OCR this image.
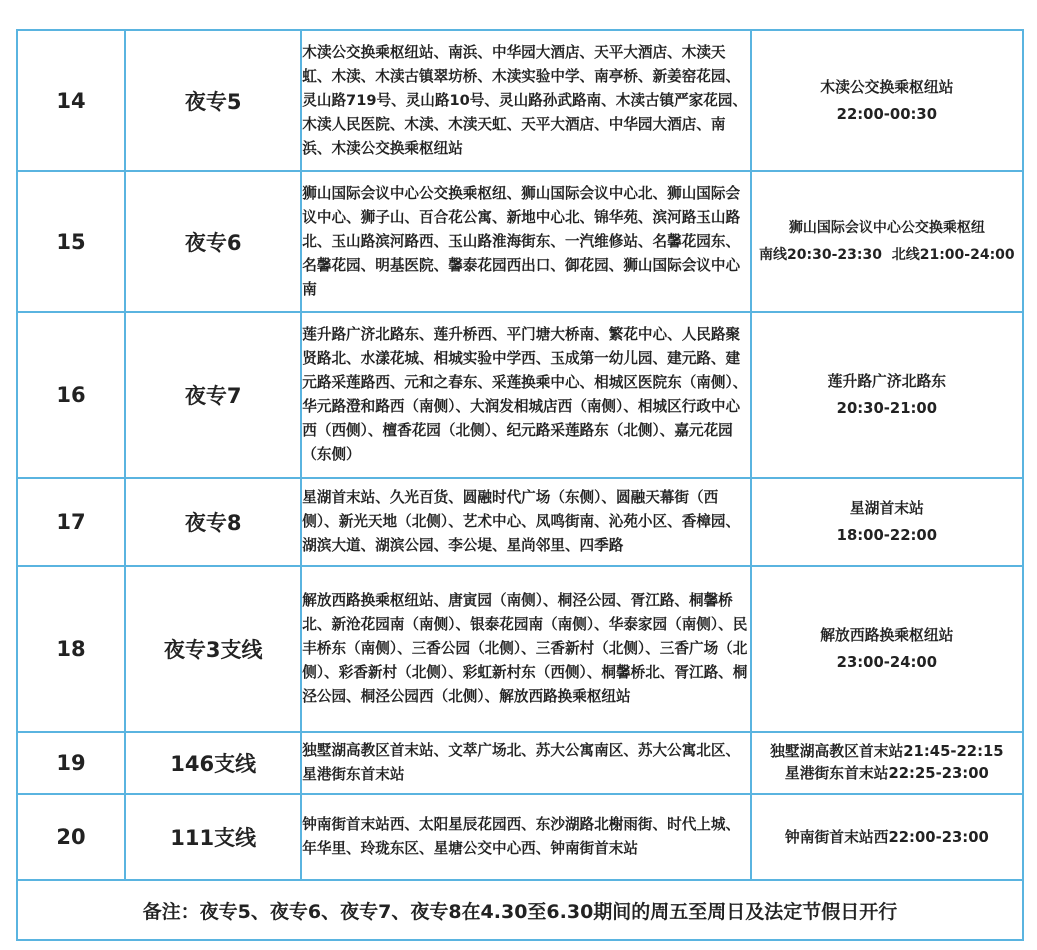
14	夜专5	木渎公交换乘枢纽站、南浜、中华园大酒店、天平大酒店、木渎天虹、木渎、木渎古镇翠坊桥、木渎实验中学、南亭桥、新姜窑花园、灵山路719号、灵山路10号、灵山路孙武路南、木渎古镇严家花园、木渎人民医院、木渎、木渎天虹、天平大酒店、中华园大酒店、南浜、木渎公交换乘枢纽站	木渎公交换乘枢纽站
22:00-00:30

15	夜专6	狮山国际会议中心公交换乘枢纽、狮山国际会议中心北、狮山国际会议中心、狮子山、百合花公寓、新地中心北、锦华苑、滨河路玉山路北、玉山路滨河路西、玉山路淮海街东、一汽维修站、名馨花园东、名馨花园、明基医院、馨泰花园西出口、御花园、狮山国际会议中心南	狮山国际会议中心公交换乘枢纽
南线20:30-23:30  北线21:00-24:00

16	夜专7	莲升路广济北路东、莲升桥西、平门塘大桥南、繁花中心、人民路聚贤路北、水漾花城、相城实验中学西、玉成第一幼儿园、建元路、建元路采莲路西、元和之春东、采莲换乘中心、相城区医院东（南侧）、华元路澄和路西（南侧）、大润发相城店西（南侧）、相城区行政中心西（西侧）、檀香花园（北侧）、纪元路采莲路东（北侧）、嘉元花园（东侧）	莲升路广济北路东
20:30-21:00

17	夜专8	星湖首末站、久光百货、圆融时代广场（东侧）、圆融天幕街（西侧）、新光天地（北侧）、艺术中心、凤鸣街南、沁苑小区、香樟园、湖滨大道、湖滨公园、李公堤、星尚邻里、四季路	星湖首末站
18:00-22:00

18	夜专3支线	解放西路换乘枢纽站、唐寅园（南侧）、桐泾公园、胥江路、桐馨桥北、新沧花园南（南侧）、银泰花园南（南侧）、华泰家园（南侧）、民丰桥东（南侧）、三香公园（北侧）、三香新村（北侧）、三香广场（北侧）、彩香新村（北侧）、彩虹新村东（西侧）、桐馨桥北、胥江路、桐泾公园、桐泾公园西（北侧）、解放西路换乘枢纽站	解放西路换乘枢纽站
23:00-24:00

19	146支线	独墅湖高教区首末站、文萃广场北、苏大公寓南区、苏大公寓北区、星港街东首末站	独墅湖高教区首末站21:45-22:15
星港街东首末站22:25-23:00

20	111支线	钟南街首末站西、太阳星辰花园西、东沙湖路北榭雨街、时代上城、年华里、玲珑东区、星塘公交中心西、钟南街首末站	钟南街首末站西22:00-23:00

备注：夜专5、夜专6、夜专7、夜专8在4.30至6.30期间的周五至周日及法定节假日开行			
